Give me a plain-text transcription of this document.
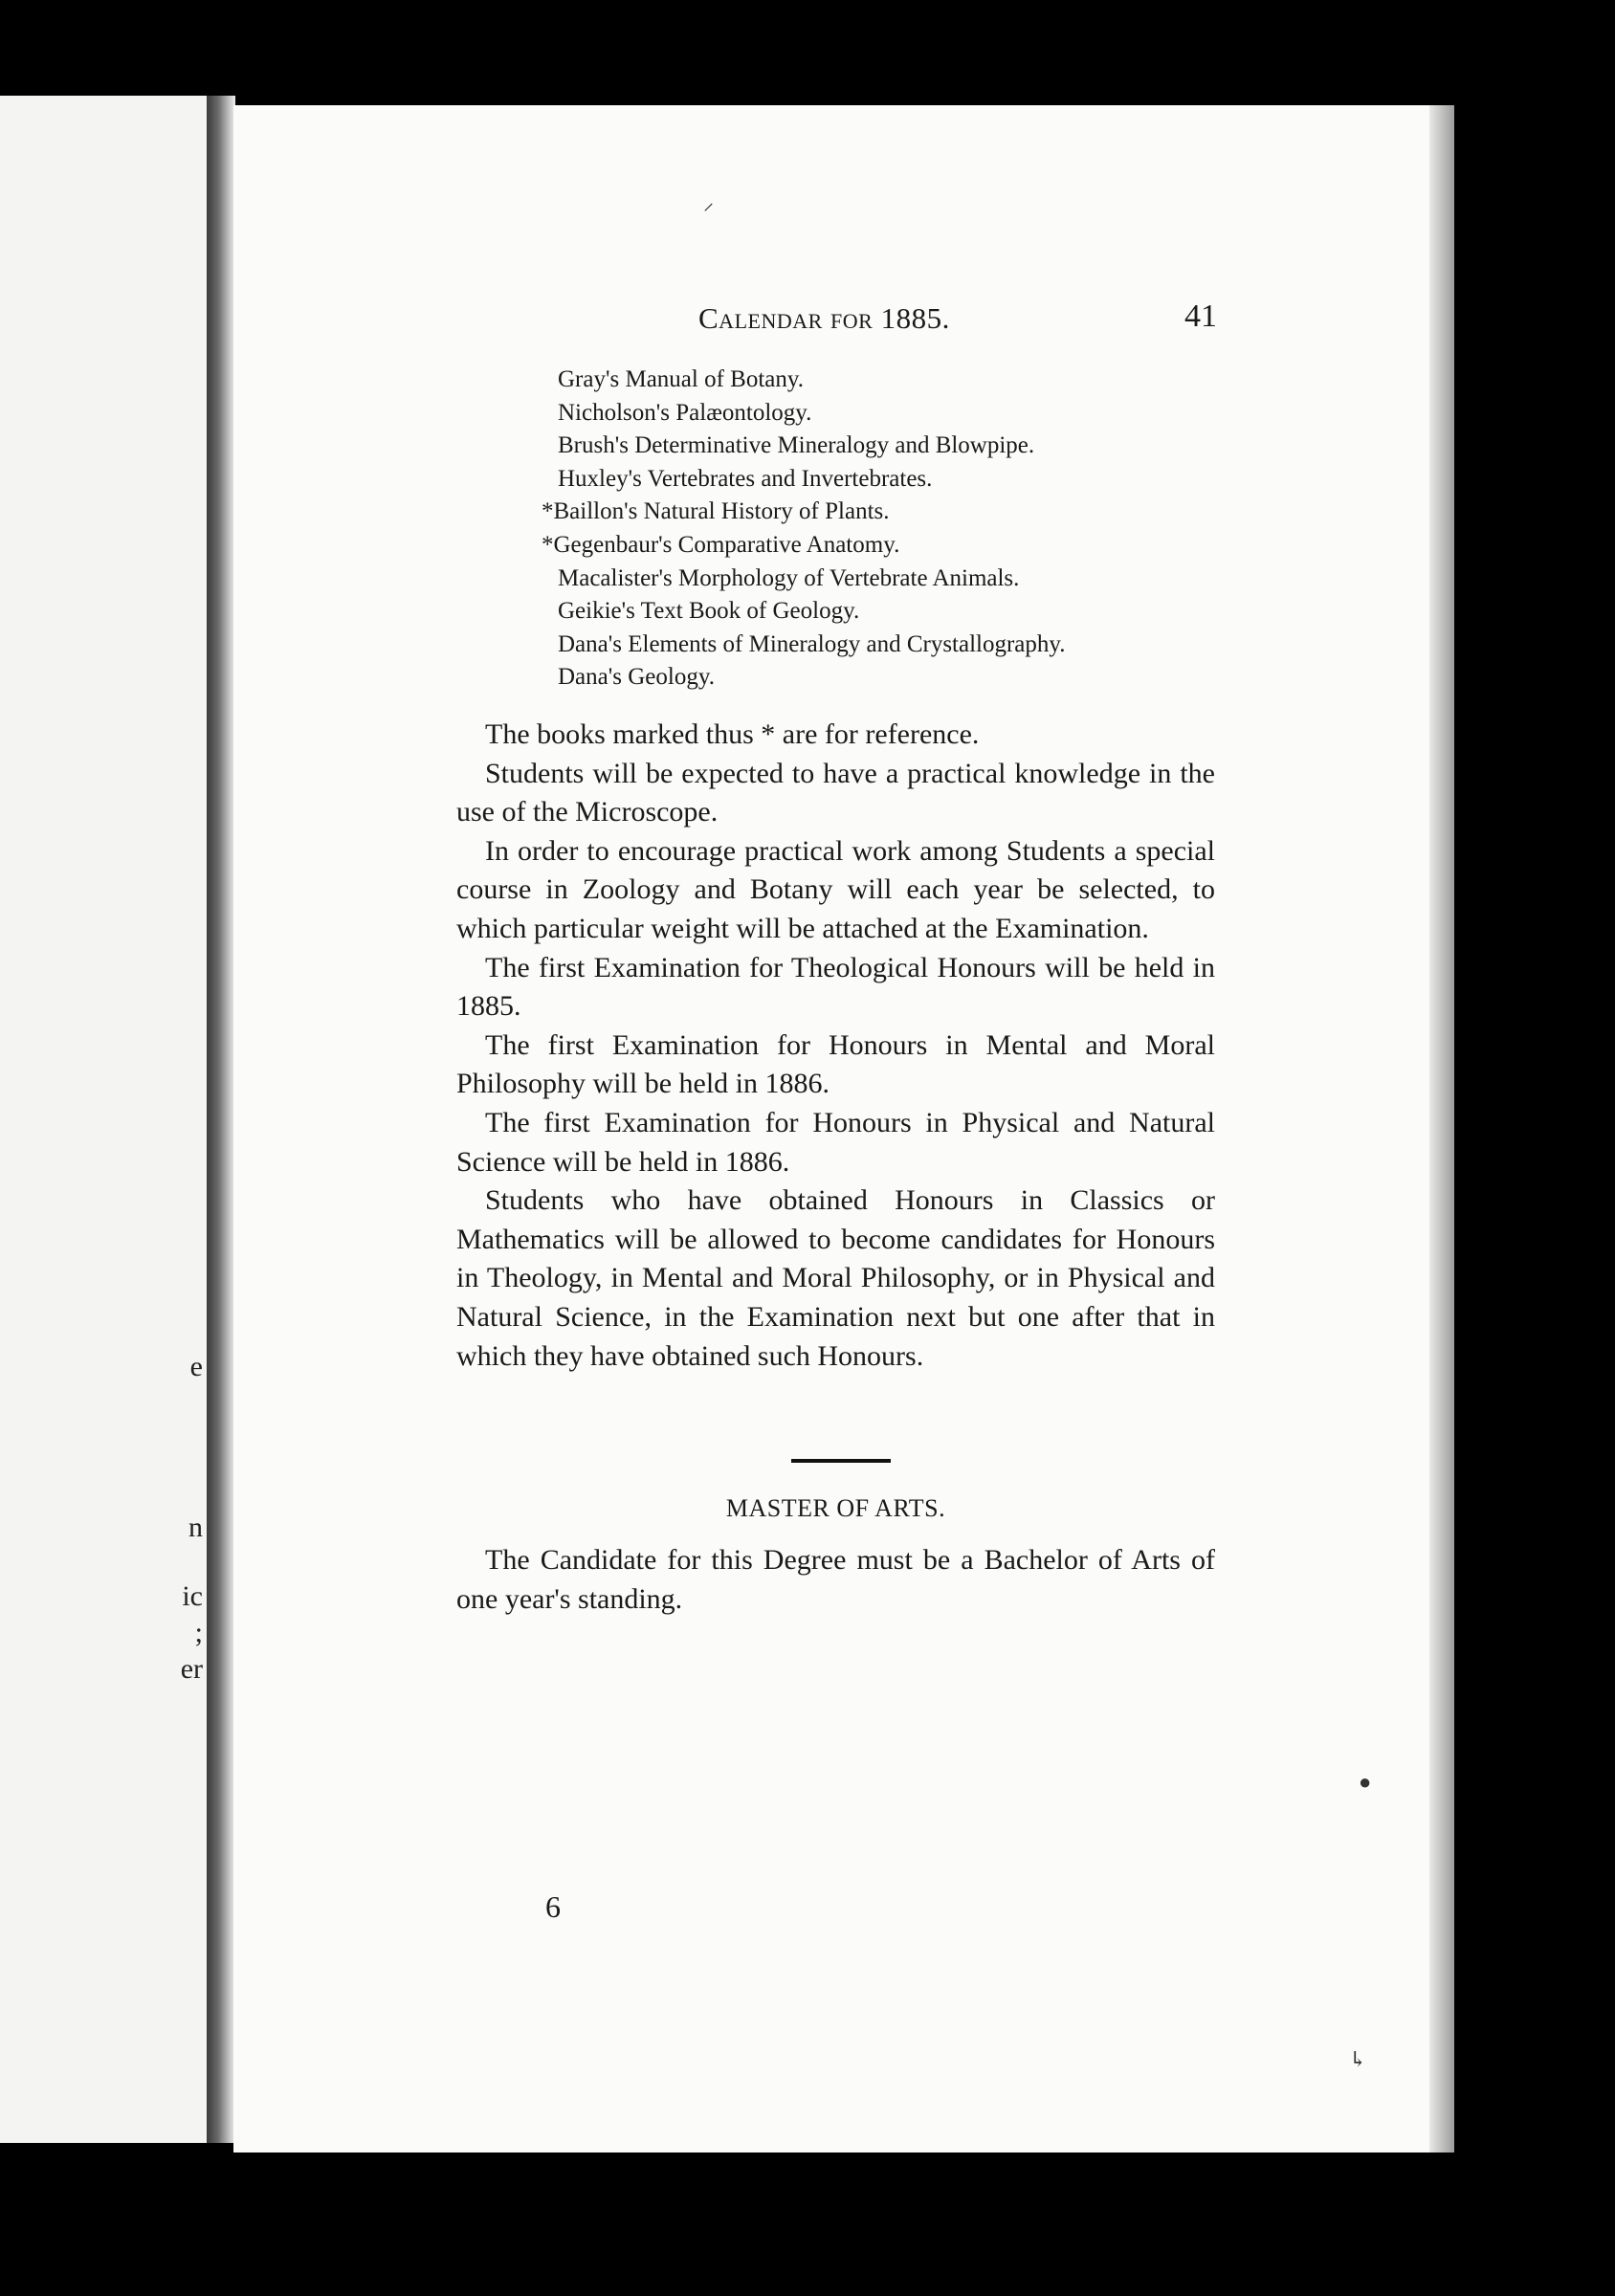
e
n
ic
;
er
⸝
●
↳
Calendar for 1885.	41
Gray's Manual of Botany.
Nicholson's Palæontology.
Brush's Determinative Mineralogy and Blowpipe.
Huxley's Vertebrates and Invertebrates.
*Baillon's Natural History of Plants.
*Gegenbaur's Comparative Anatomy.
Macalister's Morphology of Vertebrate Animals.
Geikie's Text Book of Geology.
Dana's Elements of Mineralogy and Crystallography.
Dana's Geology.

The books marked thus * are for reference.

Students will be expected to have a practical knowledge in the use of the Microscope.

In order to encourage practical work among Students a special course in Zoology and Botany will each year be selected, to which particular weight will be attached at the Examination.

The first Examination for Theological Honours will be held in 1885.

The first Examination for Honours in Mental and Moral Philosophy will be held in 1886.

The first Examination for Honours in Physical and Natural Science will be held in 1886.

Students who have obtained Honours in Classics or Mathematics will be allowed to become candidates for Honours in Theology, in Mental and Moral Philosophy, or in Physical and Natural Science, in the Examination next but one after that in which they have obtained such Honours.

MASTER OF ARTS.

The Candidate for this Degree must be a Bachelor of Arts of one year's standing.

6
